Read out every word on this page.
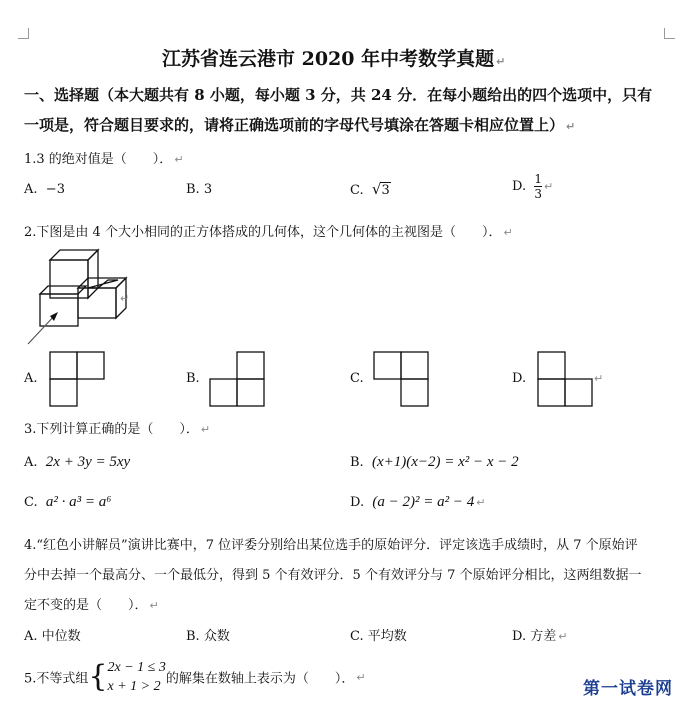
江苏省连云港市 2020 年中考数学真题 ↵
一、选择题（本大题共有 8 小题，每小题 3 分，共 24 分．在每小题给出的四个选项中，只有
一项是，符合题目要求的，请将正确选项前的字母代号填涂在答题卡相应位置上） ↵
1.3 的绝对值是（　　）． ↵
A. −3	B. 3	C. √3	D. $\frac{1}{3}$ ↵
2.下图是由 4 个大小相同的正方体搭成的几何体，这个几何体的主视图是（　　）． ↵
↵
A.	B.	C.	D.	↵
3.下列计算正确的是（　　）． ↵
A. 2x + 3y = 5xy	B. (x+1)(x−2) = x² − x − 2
C. a² · a³ = a⁶	D. (a − 2)² = a² − 4 ↵
4.“红色小讲解员”演讲比赛中，7 位评委分别给出某位选手的原始评分．评定该选手成绩时，从 7 个原始评
分中去掉一个最高分、一个最低分，得到 5 个有效评分．5 个有效评分与 7 个原始评分相比，这两组数据一
定不变的是（　　）． ↵
A. 中位数	B. 众数	C. 平均数	D. 方差 ↵
5.不等式组{ 2x − 1 ≤ 3
x + 1 > 2 的解集在数轴上表示为（　　）． ↵
第一试卷网
